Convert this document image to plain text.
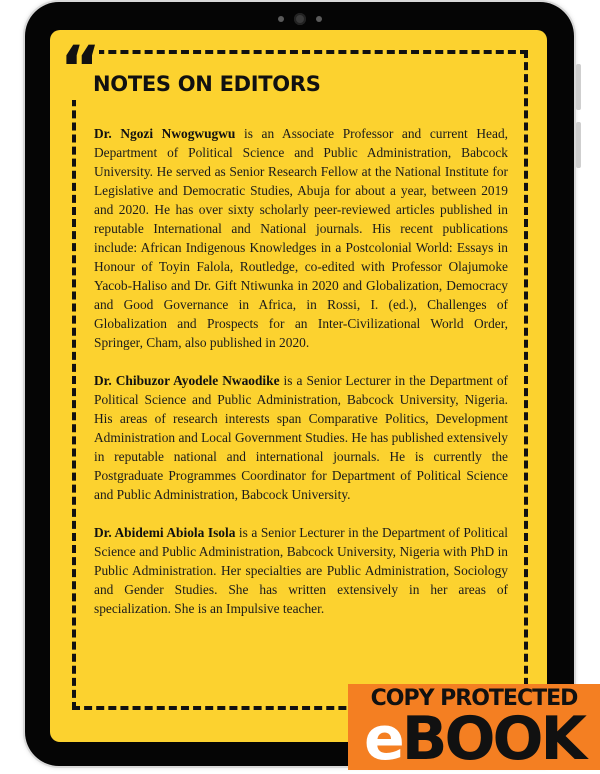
“
NOTES ON EDITORS

Dr. Ngozi Nwogwugwu is an Associate Professor and current Head, Department of Political Science and Public Administration, Babcock University. He served as Senior Research Fellow at the National Institute for Legislative and Democratic Studies, Abuja for about a year, between 2019 and 2020. He has over sixty scholarly peer-reviewed articles published in reputable International and National journals. His recent publications include: African Indigenous Knowledges in a Postcolonial World: Essays in Honour of Toyin Falola, Routledge, co-edited with Professor Olajumoke Yacob-Haliso and Dr. Gift Ntiwunka in 2020 and Globalization, Democracy and Good Governance in Africa, in Rossi, I. (ed.), Challenges of Globalization and Prospects for an Inter-Civilizational World Order, Springer, Cham, also published in 2020.

Dr. Chibuzor Ayodele Nwaodike is a Senior Lecturer in the Department of Political Science and Public Administration, Babcock University, Nigeria. His areas of research interests span Comparative Politics, Development Administration and Local Government Studies. He has published extensively in reputable national and international journals. He is currently the Postgraduate Programmes Coordinator for Department of Political Science and Public Administration, Babcock University.

Dr. Abidemi Abiola Isola is a Senior Lecturer in the Department of Political Science and Public Administration, Babcock University, Nigeria with PhD in Public Administration. Her specialties are Public Administration, Sociology and Gender Studies. She has written extensively in her areas of specialization. She is an Impulsive teacher.

COPY PROTECTED
eBOOK
